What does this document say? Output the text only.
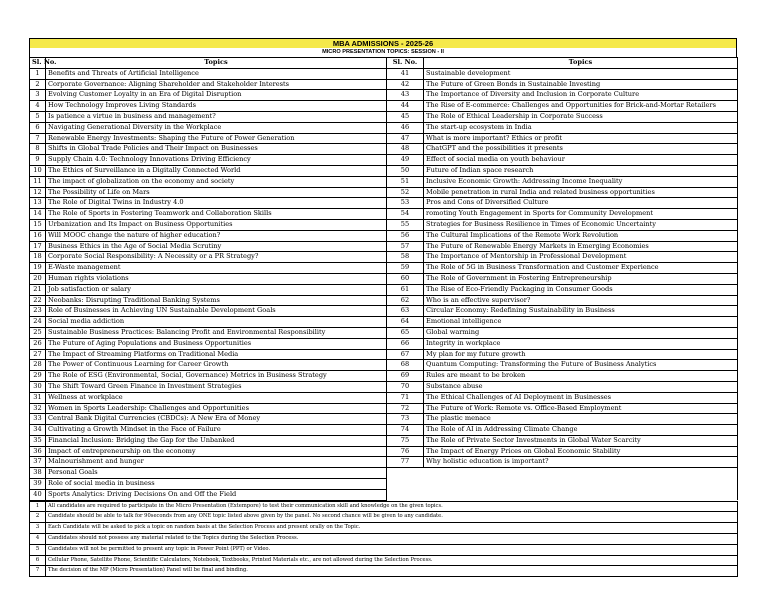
MBA ADMISSIONS - 2025-26
MICRO PRESENTATION TOPICS: SESSION - II
Sl. No.	Topics	Sl. No.	Topics
1	Benefits and Threats of Artificial Intelligence	41	Sustainable development
2	Corporate Governance: Aligning Shareholder and Stakeholder Interests	42	The Future of Green Bonds in Sustainable Investing
3	Evolving Customer Loyalty in an Era of Digital Disruption	43	The Importance of Diversity and Inclusion in Corporate Culture
4	How Technology Improves Living Standards	44	The Rise of E-commerce: Challenges and Opportunities for Brick-and-Mortar Retailers
5	Is patience a virtue in business and management?	45	The Role of Ethical Leadership in Corporate Success
6	Navigating Generational Diversity in the Workplace	46	The start-up ecosystem in India
7	Renewable Energy Investments: Shaping the Future of Power Generation	47	What is more important? Ethics or profit
8	Shifts in Global Trade Policies and Their Impact on Businesses	48	ChatGPT and the possibilities it presents
9	Supply Chain 4.0: Technology Innovations Driving Efficiency	49	Effect of social media on youth behaviour
10	The Ethics of Surveillance in a Digitally Connected World	50	Future of Indian space research
11	The impact of globalization on the economy and society	51	Inclusive Economic Growth: Addressing Income Inequality
12	The Possibility of Life on Mars	52	Mobile penetration in rural India and related business opportunities
13	The Role of Digital Twins in Industry 4.0	53	Pros and Cons of Diversified Culture
14	The Role of Sports in Fostering Teamwork and Collaboration Skills	54	romoting Youth Engagement in Sports for Community Development
15	Urbanization and Its Impact on Business Opportunities	55	Strategies for Business Resilience in Times of Economic Uncertainty
16	Will MOOC change the nature of higher education?	56	The Cultural Implications of the Remote Work Revolution
17	Business Ethics in the Age of Social Media Scrutiny	57	The Future of Renewable Energy Markets in Emerging Economies
18	Corporate Social Responsibility: A Necessity or a PR Strategy?	58	The Importance of Mentorship in Professional Development
19	E-Waste management	59	The Role of 5G in Business Transformation and Customer Experience
20	Human rights violations	60	The Role of Government in Fostering Entrepreneurship
21	Job satisfaction or salary	61	The Rise of Eco-Friendly Packaging in Consumer Goods
22	Neobanks: Disrupting Traditional Banking Systems	62	Who is an effective supervisor?
23	Role of Businesses in Achieving UN Sustainable Development Goals	63	Circular Economy: Redefining Sustainability in Business
24	Social media addiction	64	Emotional intelligence
25	Sustainable Business Practices: Balancing Profit and Environmental Responsibility	65	Global warming
26	The Future of Aging Populations and Business Opportunities	66	Integrity in workplace
27	The Impact of Streaming Platforms on Traditional Media	67	My plan for my future growth
28	The Power of Continuous Learning for Career Growth	68	Quantum Computing: Transforming the Future of Business Analytics
29	The Role of ESG (Environmental, Social, Governance) Metrics in Business Strategy	69	Rules are meant to be broken
30	The Shift Toward Green Finance in Investment Strategies	70	Substance abuse
31	Wellness at workplace	71	The Ethical Challenges of AI Deployment in Businesses
32	Women in Sports Leadership: Challenges and Opportunities	72	The Future of Work: Remote vs. Office-Based Employment
33	Central Bank Digital Currencies (CBDCs): A New Era of Money	73	The plastic menace
34	Cultivating a Growth Mindset in the Face of Failure	74	The Role of AI in Addressing Climate Change
35	Financial Inclusion: Bridging the Gap for the Unbanked	75	The Role of Private Sector Investments in Global Water Scarcity
36	Impact of entrepreneurship on the economy	76	The Impact of Energy Prices on Global Economic Stability
37	Malnourishment and hunger	77	Why holistic education is important?
38	Personal Goals		
39	Role of social media in business		
40	Sports Analytics: Driving Decisions On and Off the Field		
1	All candidates are required to participate in the Micro Presentation (Extempore) to test their communication skill and knowledge on the given topics.
2	Candidate should be able to talk for 90seconds from any ONE topic listed above given by the panel. No second chance will be given to any candidate.
3	Each Candidate will be asked to pick a topic on random basis at the Selection Process and present orally on the Topic.
4	Candidates should not possess any material related to the Topics during the Selection Process.
5	Candidates will not be permitted to present any topic in Power Point (PPT) or Video.
6	Cellular Phone, Satellite Phone, Scientific Calculators, Notebook, Textbooks, Printed Materials etc., are not allowed during the Selection Process.
7	The decision of the MP (Micro Presentation) Panel will be final and binding.
